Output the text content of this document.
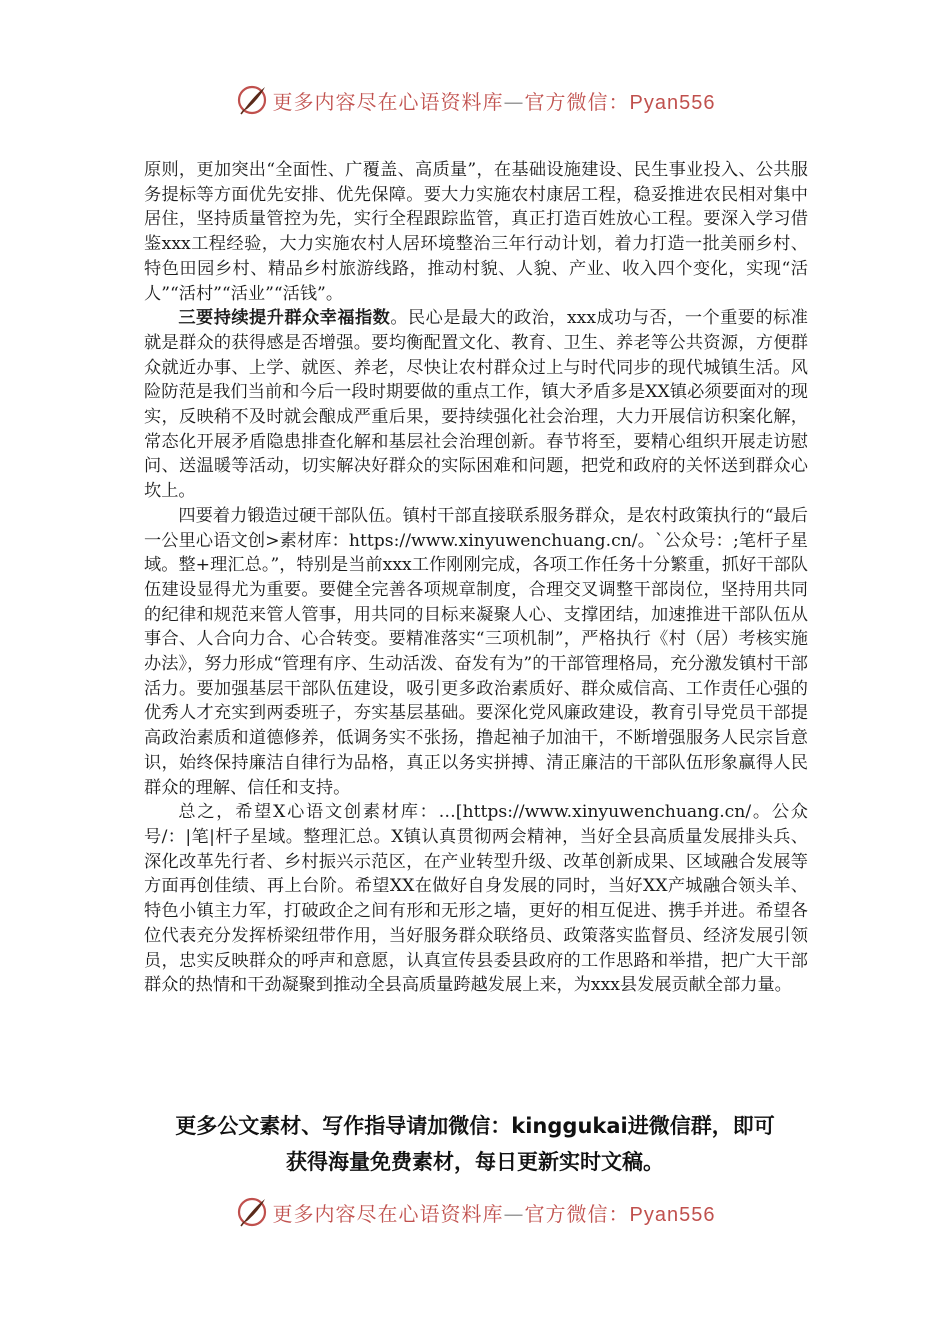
更多内容尽在心语资料库—官方微信：Pyan556

原则，更加突出“全面性、广覆盖、高质量”，在基础设施建设、民生事业投入、公共服务提标等方面优先安排、优先保障。要大力实施农村康居工程，稳妥推进农民相对集中居住，坚持质量管控为先，实行全程跟踪监管，真正打造百姓放心工程。要深入学习借鉴xxx工程经验，大力实施农村人居环境整治三年行动计划，着力打造一批美丽乡村、特色田园乡村、精品乡村旅游线路，推动村貌、人貌、产业、收入四个变化，实现“活人”“活村”“活业”“活钱”。

三要持续提升群众幸福指数。民心是最大的政治，xxx成功与否，一个重要的标准就是群众的获得感是否增强。要均衡配置文化、教育、卫生、养老等公共资源，方便群众就近办事、上学、就医、养老，尽快让农村群众过上与时代同步的现代城镇生活。风险防范是我们当前和今后一段时期要做的重点工作，镇大矛盾多是XX镇必须要面对的现实，反映稍不及时就会酿成严重后果，要持续强化社会治理，大力开展信访积案化解，常态化开展矛盾隐患排查化解和基层社会治理创新。春节将至，要精心组织开展走访慰问、送温暖等活动，切实解决好群众的实际困难和问题，把党和政府的关怀送到群众心坎上。

四要着力锻造过硬干部队伍。镇村干部直接联系服务群众，是农村政策执行的“最后一公里心语文创>素材库：https://www.xinyuwenchuang.cn/。`公众号：;笔杆子星域。整+理汇总。”，特别是当前xxx工作刚刚完成，各项工作任务十分繁重，抓好干部队伍建设显得尤为重要。要健全完善各项规章制度，合理交叉调整干部岗位，坚持用共同的纪律和规范来管人管事，用共同的目标来凝聚人心、支撑团结，加速推进干部队伍从事合、人合向力合、心合转变。要精准落实“三项机制”，严格执行《村（居）考核实施办法》，努力形成“管理有序、生动活泼、奋发有为”的干部管理格局，充分激发镇村干部活力。要加强基层干部队伍建设，吸引更多政治素质好、群众威信高、工作责任心强的优秀人才充实到两委班子，夯实基层基础。要深化党风廉政建设，教育引导党员干部提高政治素质和道德修养，低调务实不张扬，撸起袖子加油干，不断增强服务人民宗旨意识，始终保持廉洁自律行为品格，真正以务实拼搏、清正廉洁的干部队伍形象赢得人民群众的理解、信任和支持。

总之，希望X心语文创素材库：…[https://www.xinyuwenchuang.cn/。公众号/：|笔|杆子星域。整理汇总。X镇认真贯彻两会精神，当好全县高质量发展排头兵、深化改革先行者、乡村振兴示范区，在产业转型升级、改革创新成果、区域融合发展等方面再创佳绩、再上台阶。希望XX在做好自身发展的同时，当好XX产城融合领头羊、特色小镇主力军，打破政企之间有形和无形之墙，更好的相互促进、携手并进。希望各位代表充分发挥桥梁纽带作用，当好服务群众联络员、政策落实监督员、经济发展引领员，忠实反映群众的呼声和意愿，认真宣传县委县政府的工作思路和举措，把广大干部群众的热情和干劲凝聚到推动全县高质量跨越发展上来，为xxx县发展贡献全部力量。

更多公文素材、写作指导请加微信：kinggukai进微信群，即可
获得海量免费素材，每日更新实时文稿。
更多内容尽在心语资料库—官方微信：Pyan556
